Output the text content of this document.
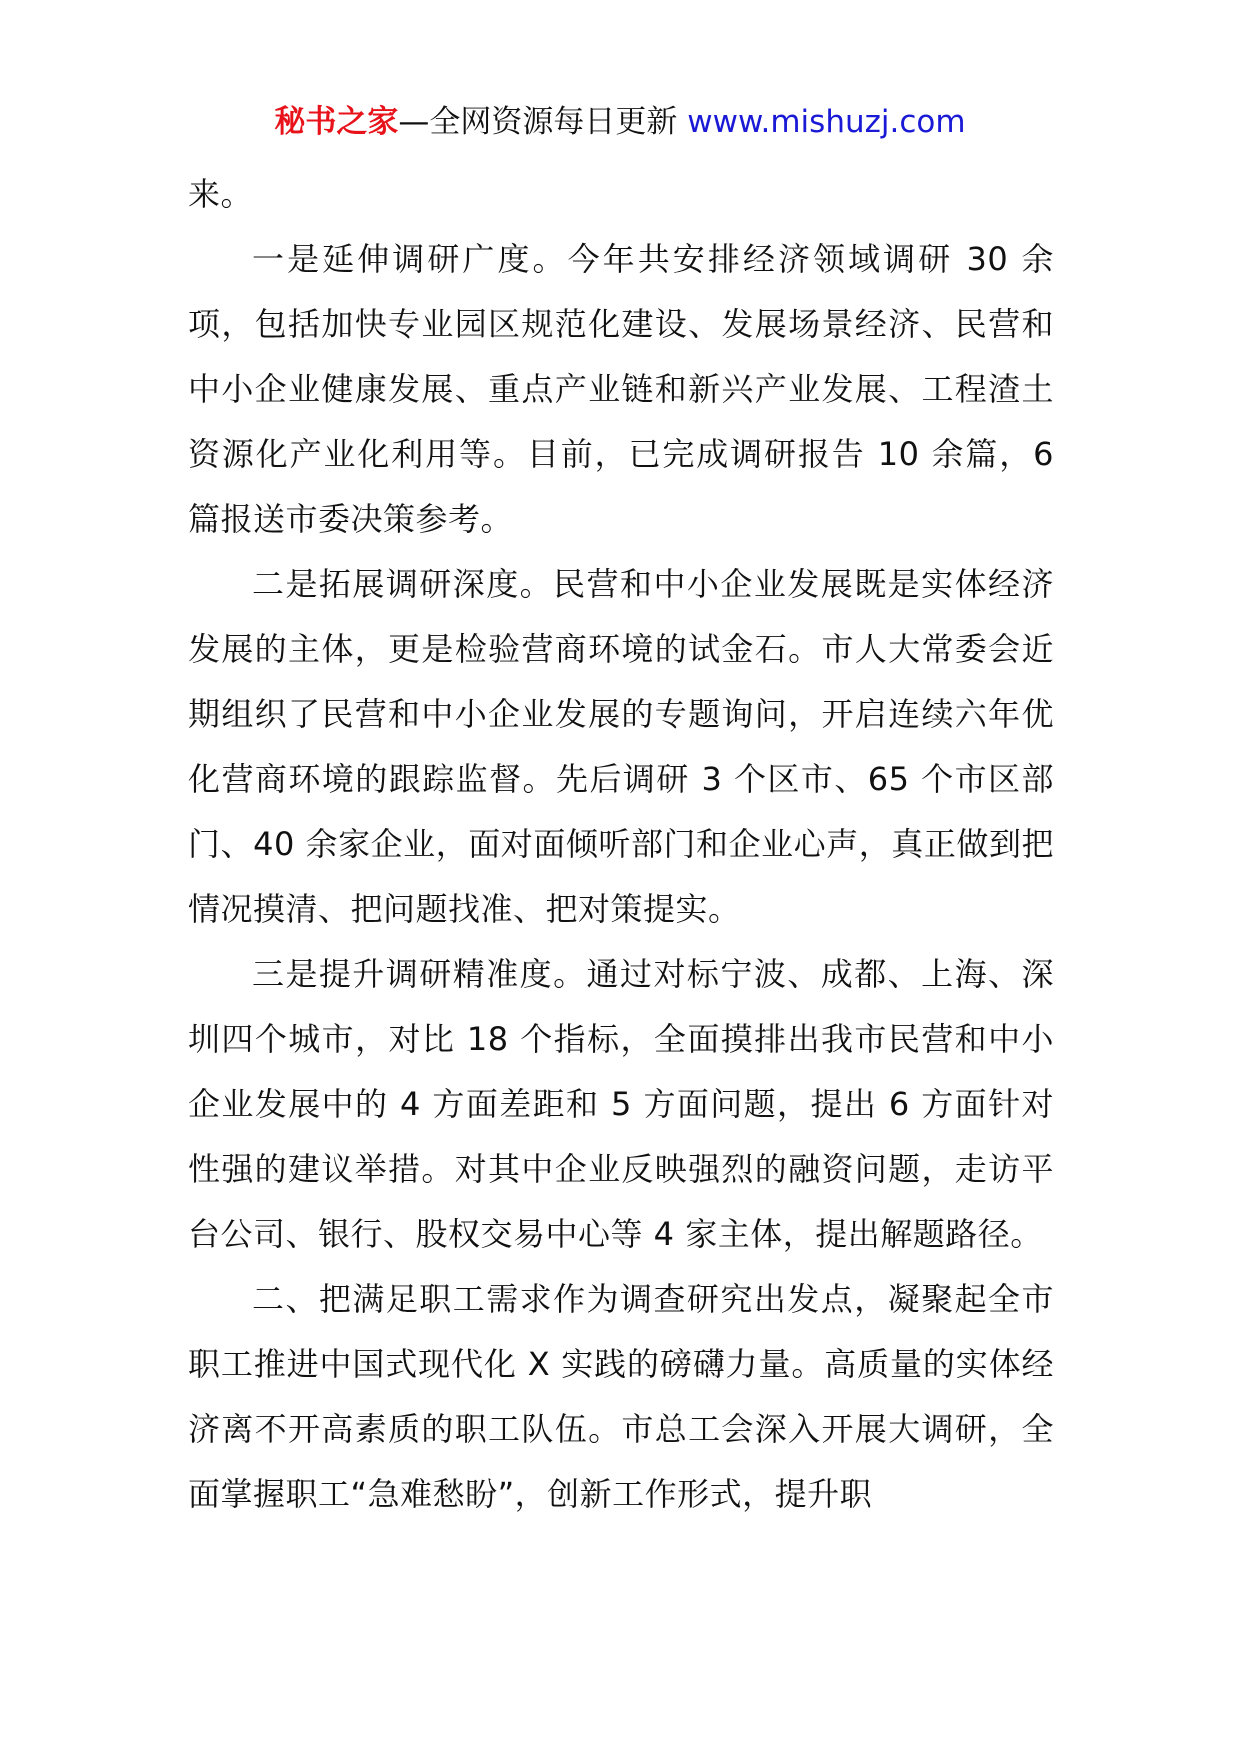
秘书之家—全网资源每日更新 www.mishuzj.com

来。

一是延伸调研广度。今年共安排经济领域调研 30 余项，包括加快专业园区规范化建设、发展场景经济、民营和中小企业健康发展、重点产业链和新兴产业发展、工程渣土资源化产业化利用等。目前，已完成调研报告 10 余篇，6 篇报送市委决策参考。

二是拓展调研深度。民营和中小企业发展既是实体经济发展的主体，更是检验营商环境的试金石。市人大常委会近期组织了民营和中小企业发展的专题询问，开启连续六年优化营商环境的跟踪监督。先后调研 3 个区市、65 个市区部门、40 余家企业，面对面倾听部门和企业心声，真正做到把情况摸清、把问题找准、把对策提实。

三是提升调研精准度。通过对标宁波、成都、上海、深圳四个城市，对比 18 个指标，全面摸排出我市民营和中小企业发展中的 4 方面差距和 5 方面问题，提出 6 方面针对性强的建议举措。对其中企业反映强烈的融资问题，走访平台公司、银行、股权交易中心等 4 家主体，提出解题路径。

二、把满足职工需求作为调查研究出发点，凝聚起全市职工推进中国式现代化 X 实践的磅礴力量。高质量的实体经济离不开高素质的职工队伍。市总工会深入开展大调研，全面掌握职工“急难愁盼”，创新工作形式，提升职
